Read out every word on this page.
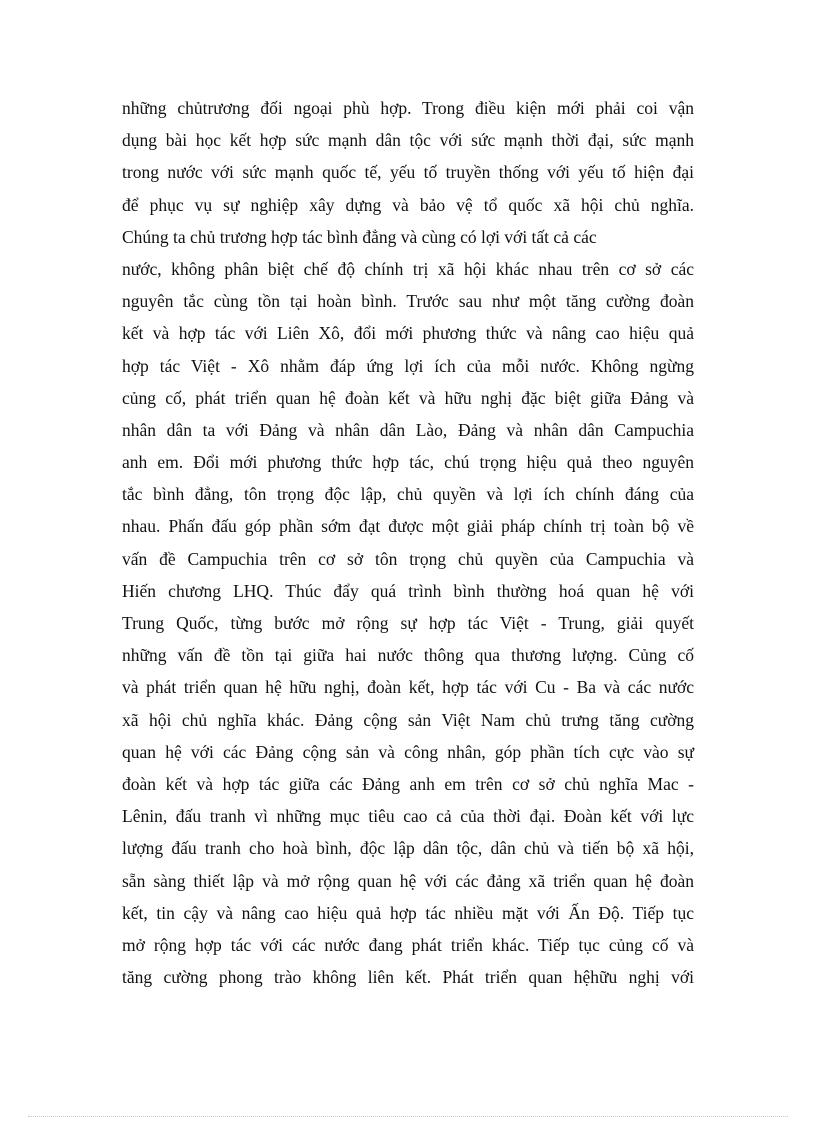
những chủtrương đối ngoại phù hợp. Trong điều kiện mới phải coi vận
dụng bài học kết hợp sức mạnh dân tộc với sức mạnh thời đại, sức mạnh
trong nước với sức mạnh quốc tế, yếu tố truyền thống với yếu tố hiện đại
để phục vụ sự nghiệp xây dựng và bảo vệ tổ quốc xã hội chủ nghĩa.
Chúng ta chủ trương hợp tác bình đẳng và cùng có lợi với tất cả các
nước, không phân biệt chế độ chính trị xã hội khác nhau trên cơ sở các
nguyên tắc cùng tồn tại hoàn bình. Trước sau như một tăng cường đoàn
kết và hợp tác với Liên Xô, đổi mới phương thức và nâng cao hiệu quả
hợp tác Việt - Xô nhằm đáp ứng lợi ích của mỗi nước. Không ngừng
củng cố, phát triển quan hệ đoàn kết và hữu nghị đặc biệt giữa Đảng và
nhân dân ta với Đảng và nhân dân Lào, Đảng và nhân dân Campuchia
anh em. Đổi mới phương thức hợp tác, chú trọng hiệu quả theo nguyên
tắc bình đẳng, tôn trọng độc lập, chủ quyền và lợi ích chính đáng của
nhau. Phấn đấu góp phần sớm đạt được một giải pháp chính trị toàn bộ về
vấn đề Campuchia trên cơ sở tôn trọng chủ quyền của Campuchia và
Hiến chương LHQ. Thúc đẩy quá trình bình thường hoá quan hệ với
Trung Quốc, từng bước mở rộng sự hợp tác Việt - Trung, giải quyết
những vấn đề tồn tại giữa hai nước thông qua thương lượng. Củng cố
và phát triển quan hệ hữu nghị, đoàn kết, hợp tác với Cu - Ba và các nước
xã hội chủ nghĩa khác. Đảng cộng sản Việt Nam chủ trưng tăng cường
quan hệ với các Đảng cộng sản và công nhân, góp phần tích cực vào sự
đoàn kết và hợp tác giữa các Đảng anh em trên cơ sở chủ nghĩa Mac -
Lênin, đấu tranh vì những mục tiêu cao cả của thời đại. Đoàn kết với lực
lượng đấu tranh cho hoà bình, độc lập dân tộc, dân chủ và tiến bộ xã hội,
sẵn sàng thiết lập và mở rộng quan hệ với các đảng xã triển quan hệ đoàn
kết, tin cậy và nâng cao hiệu quả hợp tác nhiều mặt với Ấn Độ. Tiếp tục
mở rộng hợp tác với các nước đang phát triển khác. Tiếp tục củng cố và
tăng cường phong trào không liên kết. Phát triển quan hệhữu nghị với
